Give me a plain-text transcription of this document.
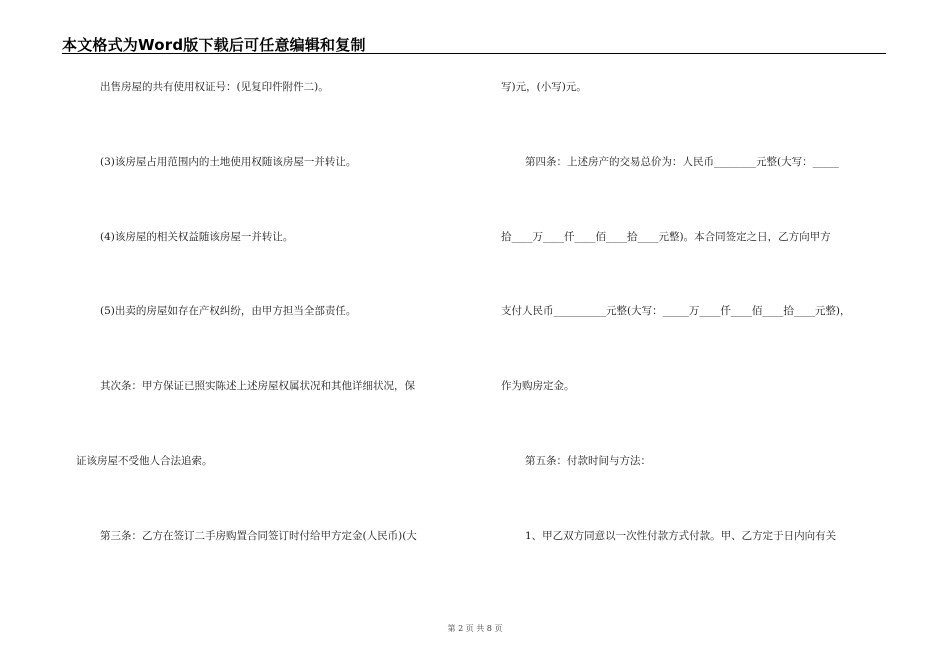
本文格式为Word版下载后可任意编辑和复制
出售房屋的共有使用权证号：(见复印件附件二)。
(3)该房屋占用范围内的土地使用权随该房屋一并转让。
(4)该房屋的相关权益随该房屋一并转让。
(5)出卖的房屋如存在产权纠纷，由甲方担当全部责任。
其次条：甲方保证已照实陈述上述房屋权属状况和其他详细状况，保
证该房屋不受他人合法追索。
第三条：乙方在签订二手房购置合同签订时付给甲方定金(人民币)(大
写)元，(小写)元。
第四条：上述房产的交易总价为：人民币________元整(大写：_____
拾____万____仟____佰____拾____元整)。本合同签定之日，乙方向甲方
支付人民币__________元整(大写：_____万____仟____佰____拾____元整)，
作为购房定金。
第五条：付款时间与方法：
1、甲乙双方同意以一次性付款方式付款。甲、乙方定于日内向有关
第 2 页 共 8 页
